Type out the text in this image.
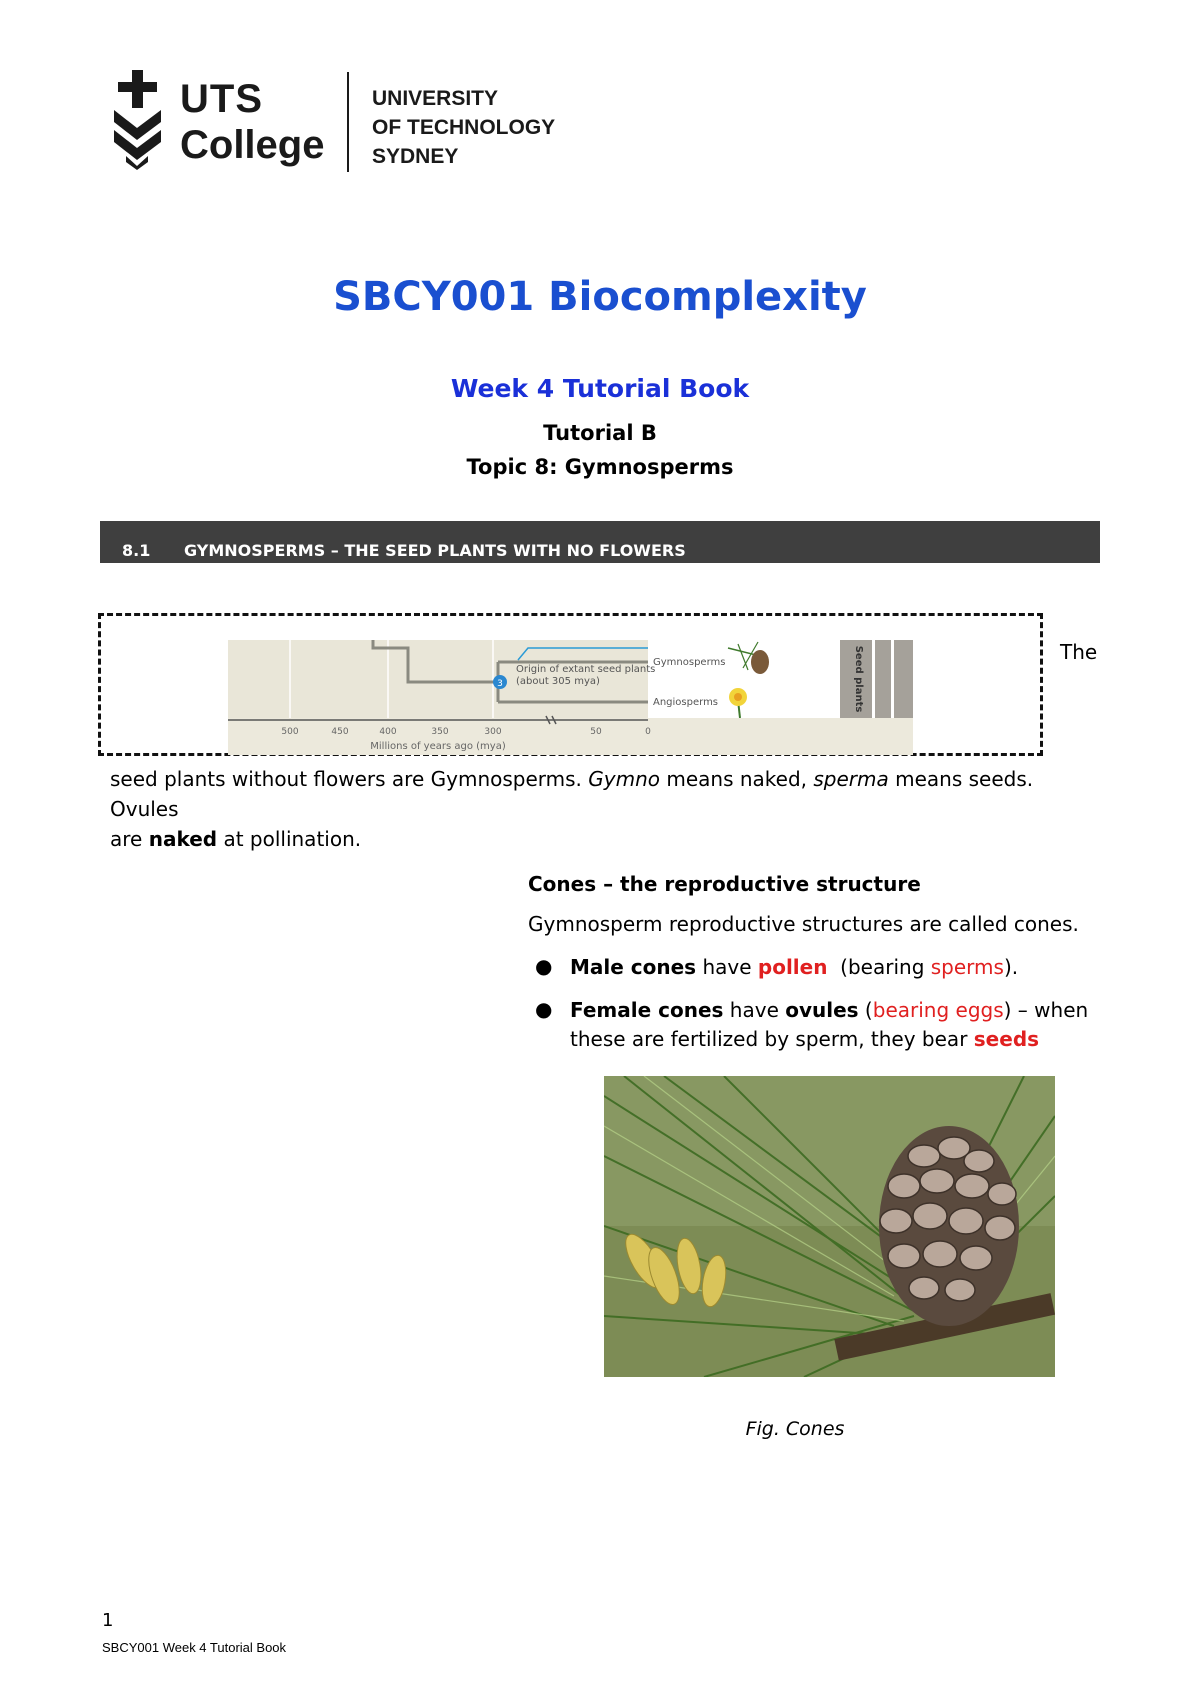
UTS
College
UNIVERSITY
OF TECHNOLOGY
SYDNEY
SBCY001 Biocomplexity
Week 4 Tutorial Book
Tutorial B
Topic 8: Gymnosperms
8.1 GYMNOSPERMS – THE SEED PLANTS WITH NO FLOWERS
3
Origin of extant seed plants
(about 305 mya)
Gymnosperms
Angiosperms	Seed plants
500	450	400	350	300	50	0
Millions of years ago (mya)
The
seed plants without flowers are Gymnosperms. Gymno means naked, sperma means seeds. Ovules
are naked at pollination.
Cones – the reproductive structure
Gymnosperm reproductive structures are called cones.
● Male cones have pollen  (bearing sperms).
● Female cones have ovules (bearing eggs) – when
these are fertilized by sperm, they bear seeds
Fig. Cones
1
SBCY001 Week 4 Tutorial Book
